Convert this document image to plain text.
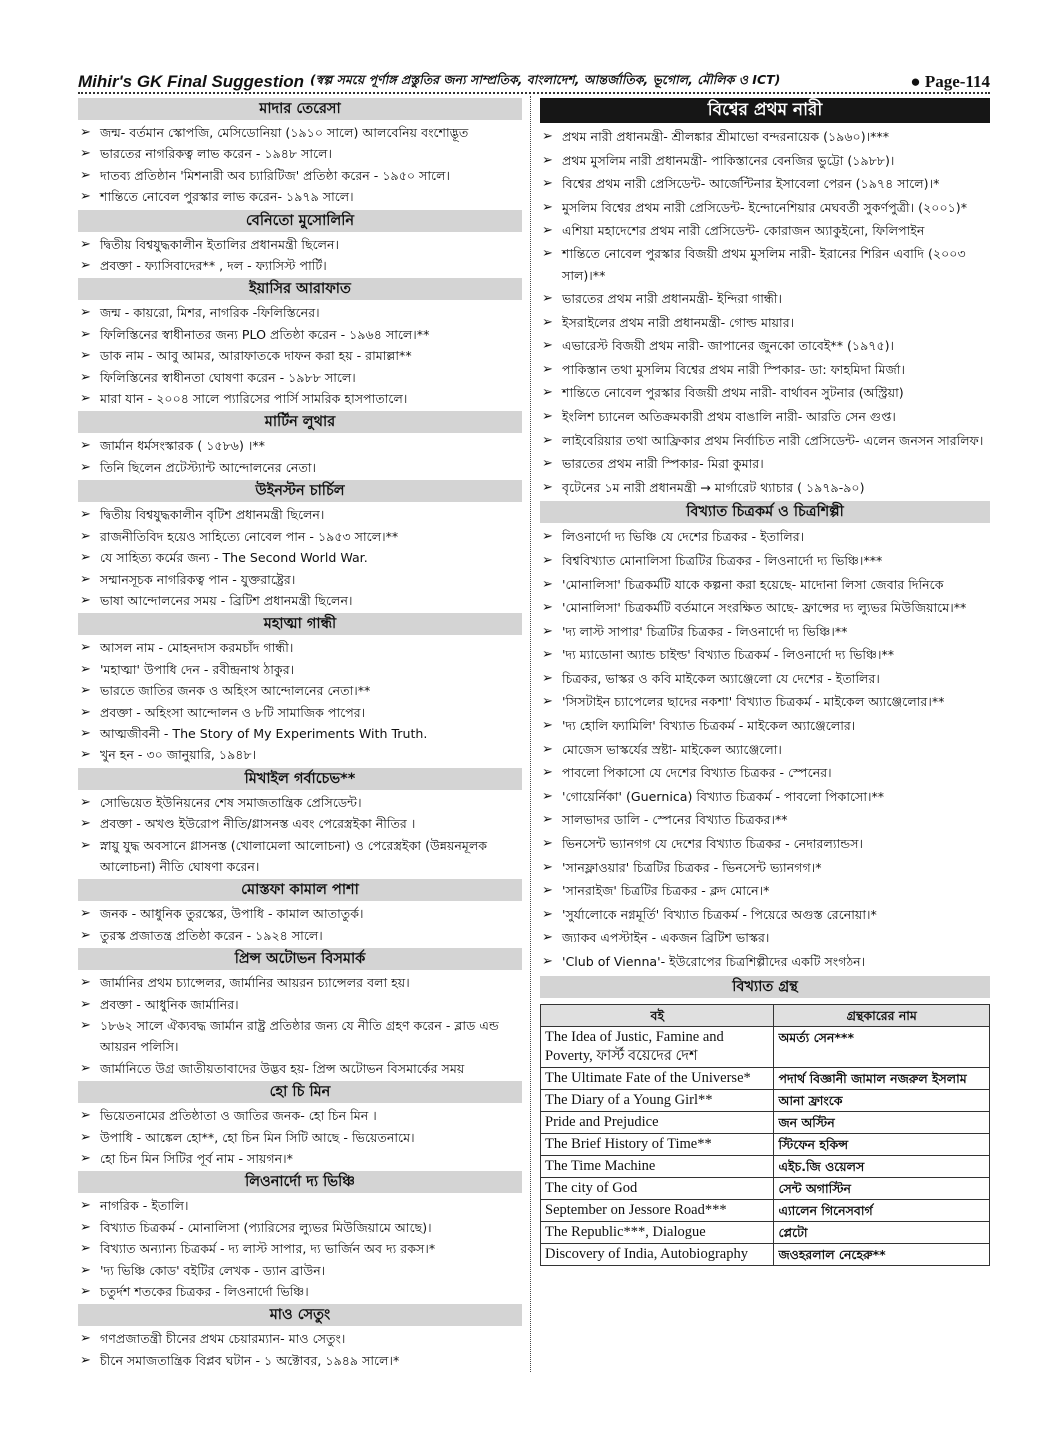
Mihir's GK Final Suggestion (স্বল্প সময়ে পূর্ণাঙ্গ প্রস্তুতির জন্য সাম্প্রতিক, বাংলাদেশ, আন্তর্জাতিক, ভূগোল, মৌলিক ও ICT)	● Page-114
মাদার তেরেসা
➢ জন্ম- বর্তমান স্কোপজি, মেসিডোনিয়া (১৯১০ সালে) আলবেনিয় বংশোদ্ভূত
➢ ভারতের নাগরিকত্ব লাভ করেন - ১৯৪৮ সালে।
➢ দাতব্য প্রতিষ্ঠান 'মিশনারী অব চ্যারিটিজ' প্রতিষ্ঠা করেন - ১৯৫০ সালে।
➢ শান্তিতে নোবেল পুরস্কার লাভ করেন- ১৯৭৯ সালে।
বেনিতো মুসোলিনি
➢ দ্বিতীয় বিশ্বযুদ্ধকালীন ইতালির প্রধানমন্ত্রী ছিলেন।
➢ প্রবক্তা - ফ্যাসিবাদের** , দল - ফ্যাসিস্ট পার্টি।
ইয়াসির আরাফাত
➢ জন্ম - কায়রো, মিশর, নাগরিক -ফিলিস্তিনের।
➢ ফিলিস্তিনের স্বাধীনাতর জন্য PLO প্রতিষ্ঠা করেন - ১৯৬৪ সালে।**
➢ ডাক নাম - আবু আমর, আরাফাতকে দাফন করা হয় - রামাল্লা**
➢ ফিলিস্তিনের স্বাধীনতা ঘোষণা করেন - ১৯৮৮ সালে।
➢ মারা যান - ২০০৪ সালে প্যারিসের পার্সি সামরিক হাসপাতালে।
মার্টিন লুথার
➢ জার্মান ধর্মসংস্কারক ( ১৫৮৬) ।**
➢ তিনি ছিলেন প্রটেস্ট্যান্ট আন্দোলনের নেতা।
উইনস্টন চার্চিল
➢ দ্বিতীয় বিশ্বযুদ্ধকালীন বৃটিশ প্রধানমন্ত্রী ছিলেন।
➢ রাজনীতিবিদ হয়েও সাহিত্যে নোবেল পান - ১৯৫৩ সালে।**
➢ যে সাহিত্য কর্মের জন্য - The Second World War.
➢ সম্মানসূচক নাগরিকত্ব পান - যুক্তরাষ্ট্রের।
➢ ভাষা আন্দোলনের সময় - ব্রিটিশ প্রধানমন্ত্রী ছিলেন।
মহাত্মা গান্ধী
➢ আসল নাম - মোহনদাস করমচাঁদ গান্ধী।
➢ 'মহাত্মা' উপাধি দেন - রবীন্দ্রনাথ ঠাকুর।
➢ ভারতে জাতির জনক ও অহিংস আন্দোলনের নেতা।**
➢ প্রবক্তা - অহিংসা আন্দোলন ও ৮টি সামাজিক পাপের।
➢ আত্মজীবনী - The Story of My Experiments With Truth.
➢ খুন হন - ৩০ জানুয়ারি, ১৯৪৮।
মিখাইল গর্বাচেভ**
➢ সোভিয়েত ইউনিয়নের শেষ সমাজতান্ত্রিক প্রেসিডেন্ট।
➢ প্রবক্তা - অখণ্ড ইউরোপ নীতি/গ্লাসনস্ত এবং পেরেস্ত্রইকা নীতির ।
➢ স্নায়ু যুদ্ধ অবসানে গ্লাসনস্ত (খোলামেলা আলোচনা) ও পেরেস্ত্রইকা (উন্নয়নমূলক আলোচনা) নীতি ঘোষণা করেন।
মোস্তফা কামাল পাশা
➢ জনক - আধুনিক তুরস্কের, উপাধি - কামাল আতাতুর্ক।
➢ তুরস্ক প্রজাতন্ত্র প্রতিষ্ঠা করেন - ১৯২৪ সালে।
প্রিন্স অটোভন বিসমার্ক
➢ জার্মানির প্রথম চ্যান্সেলর, জার্মানির আয়রন চ্যান্সেলর বলা হয়।
➢ প্রবক্তা - আধুনিক জার্মানির।
➢ ১৮৬২ সালে ঐক্যবদ্ধ জার্মান রাষ্ট্র প্রতিষ্ঠার জন্য যে নীতি গ্রহণ করেন - ব্লাড এন্ড আয়রন পলিসি।
➢ জার্মানিতে উগ্র জাতীয়তাবাদের উদ্ভব হয়- প্রিন্স অটোভন বিসমার্কের সময়
হো চি মিন
➢ ভিয়েতনামের প্রতিষ্ঠাতা ও জাতির জনক- হো চিন মিন ।
➢ উপাধি - আঙ্কেল হো**, হো চিন মিন সিটি আছে - ভিয়েতনামে।
➢ হো চিন মিন সিটির পূর্ব নাম - সায়গন।*
লিওনার্দো দ্য ভিঞ্চি
➢ নাগরিক - ইতালি।
➢ বিখ্যাত চিত্রকর্ম - মোনালিসা (প্যারিসের ল্যুভর মিউজিয়ামে আছে)।
➢ বিখ্যাত অন্যান্য চিত্রকর্ম - দ্য লাস্ট সাপার, দ্য ভার্জিন অব দ্য রকস।*
➢ 'দ্য ভিঞ্চি কোড' বইটির লেখক - ড্যান ব্রাউন।
➢ চতুর্দশ শতকের চিত্রকর - লিওনার্দো ভিঞ্চি।
মাও সেতুং
➢ গণপ্রজাতন্ত্রী চীনের প্রথম চেয়ারম্যান- মাও সেতুং।
➢ চীনে সমাজতান্ত্রিক বিপ্লব ঘটান - ১ অক্টোবর, ১৯৪৯ সালে।*
বিশ্বের প্রথম নারী
➢ প্রথম নারী প্রধানমন্ত্রী- শ্রীলঙ্কার শ্রীমাভো বন্দরনায়েক (১৯৬০)।***
➢ প্রথম মুসলিম নারী প্রধানমন্ত্রী- পাকিস্তানের বেনজির ভুট্টো (১৯৮৮)।
➢ বিশ্বের প্রথম নারী প্রেসিডেন্ট- আর্জেন্টিনার ইসাবেলা পেরন (১৯৭৪ সালে)।*
➢ মুসলিম বিশ্বের প্রথম নারী প্রেসিডেন্ট- ইন্দোনেশিয়ার মেঘবর্তী সুকর্ণপুত্রী। (২০০১)*
➢ এশিয়া মহাদেশের প্রথম নারী প্রেসিডেন্ট- কোরাজন অ্যাকুইনো, ফিলিপাইন
➢ শান্তিতে নোবেল পুরস্কার বিজয়ী প্রথম মুসলিম নারী- ইরানের শিরিন এবাদি (২০০৩ সাল)।**
➢ ভারতের প্রথম নারী প্রধানমন্ত্রী- ইন্দিরা গান্ধী।
➢ ইসরাইলের প্রথম নারী প্রধানমন্ত্রী- গোল্ড মায়ার।
➢ এভারেস্ট বিজয়ী প্রথম নারী- জাপানের জুনকো তাবেই** (১৯৭৫)।
➢ পাকিস্তান তথা মুসলিম বিশ্বের প্রথম নারী স্পিকার- ডা: ফাহমিদা মির্জা।
➢ শান্তিতে নোবেল পুরস্কার বিজয়ী প্রথম নারী- বার্থাবন সুটনার (অস্ট্রিয়া)
➢ ইংলিশ চ্যানেল অতিক্রমকারী প্রথম বাঙালি নারী- আরতি সেন গুপ্ত।
➢ লাইবেরিয়ার তথা আফ্রিকার প্রথম নির্বাচিত নারী প্রেসিডেন্ট- এলেন জনসন সারলিফ।
➢ ভারতের প্রথম নারী স্পিকার- মিরা কুমার।
➢ বৃটেনের ১ম নারী প্রধানমন্ত্রী → মার্গারেট থ্যাচার ( ১৯৭৯-৯০)
বিখ্যাত চিত্রকর্ম ও চিত্রশিল্পী
➢ লিওনার্দো দ্য ভিঞ্চি যে দেশের চিত্রকর - ইতালির।
➢ বিশ্ববিখ্যাত মোনালিসা চিত্রটির চিত্রকর - লিওনার্দো দ্য ভিঞ্চি।***
➢ 'মোনালিসা' চিত্রকর্মটি যাকে কল্পনা করা হয়েছে- মাদোনা লিসা জেবার দিনিকে
➢ 'মোনালিসা' চিত্রকর্মটি বর্তমানে সংরক্ষিত আছে- ফ্রান্সের দ্য ল্যুভর মিউজিয়ামে।**
➢ 'দ্য লাস্ট সাপার' চিত্রটির চিত্রকর - লিওনার্দো দ্য ভিঞ্চি।**
➢ 'দ্য ম্যাডোনা অ্যান্ড চাইল্ড' বিখ্যাত চিত্রকর্ম - লিওনার্দো দ্য ভিঞ্চি।**
➢ চিত্রকর, ভাস্কর ও কবি মাইকেল অ্যাঞ্জেলো যে দেশের - ইতালির।
➢ 'সিসটাইন চ্যাপেলের ছাদের নকশা' বিখ্যাত চিত্রকর্ম - মাইকেল অ্যাঞ্জেলোর।**
➢ 'দ্য হোলি ফ্যামিলি' বিখ্যাত চিত্রকর্ম - মাইকেল অ্যাঞ্জেলোর।
➢ মোজেস ভাস্কর্যের স্রষ্টা- মাইকেল অ্যাঞ্জেলো।
➢ পাবলো পিকাসো যে দেশের বিখ্যাত চিত্রকর - স্পেনের।
➢ 'গোয়ের্নিকা' (Guernica) বিখ্যাত চিত্রকর্ম - পাবলো পিকাসো।**
➢ সালভাদর ডালি - স্পেনের বিখ্যাত চিত্রকর।**
➢ ভিনসেন্ট ভ্যানগগ যে দেশের বিখ্যাত চিত্রকর - নেদারল্যান্ডস।
➢ 'সানফ্লাওয়ার' চিত্রটির চিত্রকর - ভিনসেন্ট ভ্যানগগ।*
➢ 'সানরাইজ' চিত্রটির চিত্রকর - ক্লদ মোনে।*
➢ 'সুর্যালোকে নগ্নমূর্তি' বিখ্যাত চিত্রকর্ম - পিয়েরে অগুস্ত রেনোয়া।*
➢ জ্যাকব এপস্টাইন - একজন ব্রিটিশ ভাস্কর।
➢ 'Club of Vienna'- ইউরোপের চিত্রশিল্পীদের একটি সংগঠন।
বিখ্যাত গ্রন্থ
বই	গ্রন্থকারের নাম
The Idea of Justic, Famine and Poverty, ফার্স্ট বয়েদের দেশ	অমর্ত্য সেন***
The Ultimate Fate of the Universe*	পদার্থ বিজ্ঞানী জামাল নজরুল ইসলাম
The Diary of a Young Girl**	আনা ফ্রাংকে
Pride and Prejudice	জন অস্টিন
The Brief History of Time**	স্টিফেন হকিন্স
The Time Machine	এইচ.জি ওয়েলস
The city of God	সেন্ট অগাস্টিন
September on Jessore Road***	এ্যালেন গিনেসবার্গ
The Republic***, Dialogue	প্লেটো
Discovery of India, Autobiography	জওহরলাল নেহেরু**
